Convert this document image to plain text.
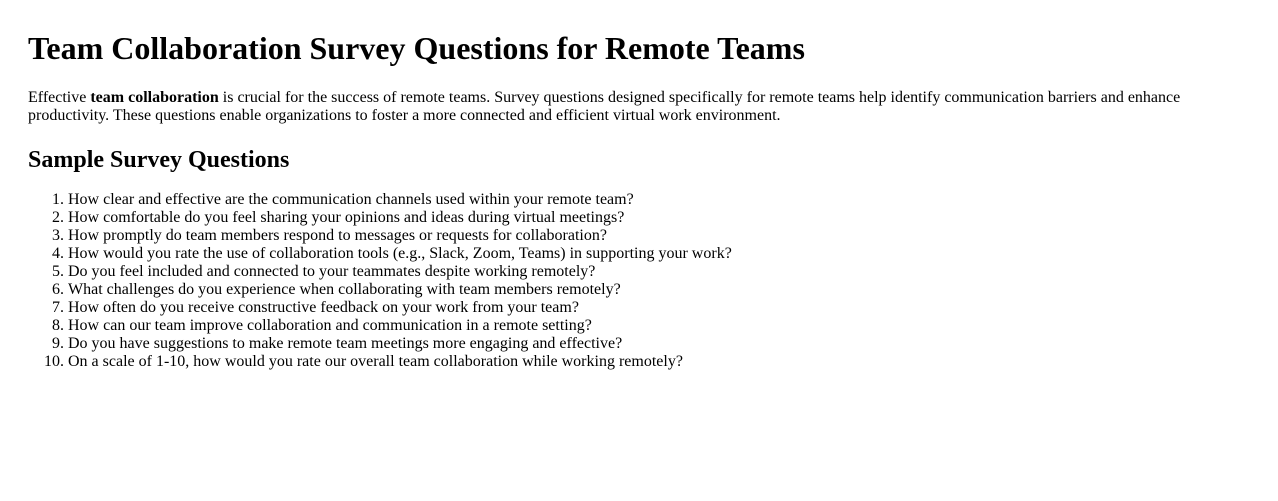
Team Collaboration Survey Questions for Remote Teams

Effective team collaboration is crucial for the success of remote teams. Survey questions designed specifically for remote teams help identify communication barriers and enhance productivity. These questions enable organizations to foster a more connected and efficient virtual work environment.

Sample Survey Questions
1. How clear and effective are the communication channels used within your remote team?
2. How comfortable do you feel sharing your opinions and ideas during virtual meetings?
3. How promptly do team members respond to messages or requests for collaboration?
4. How would you rate the use of collaboration tools (e.g., Slack, Zoom, Teams) in supporting your work?
5. Do you feel included and connected to your teammates despite working remotely?
6. What challenges do you experience when collaborating with team members remotely?
7. How often do you receive constructive feedback on your work from your team?
8. How can our team improve collaboration and communication in a remote setting?
9. Do you have suggestions to make remote team meetings more engaging and effective?
10. On a scale of 1-10, how would you rate our overall team collaboration while working remotely?
